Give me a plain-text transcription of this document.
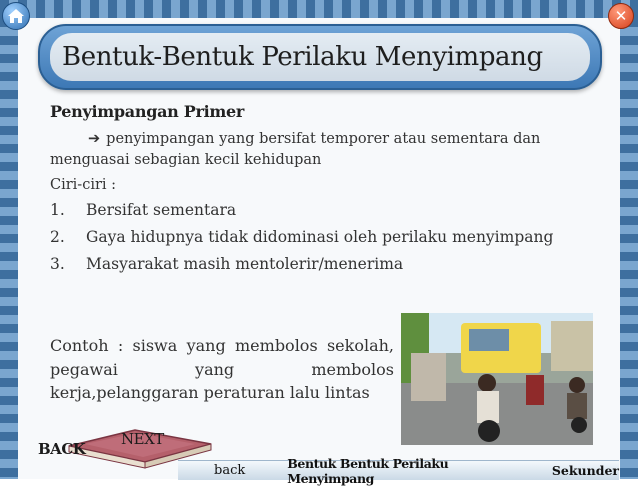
✕
Bentuk-Bentuk Perilaku Menyimpang
Penyimpangan Primer
➔ penyimpangan yang bersifat temporer atau sementara dan menguasai sebagian kecil kehidupan
Ciri-ciri :
1.	Bersifat sementara
2.	Gaya hidupnya tidak didominasi oleh perilaku menyimpang
3.	Masyarakat masih mentolerir/menerima
Contoh : siswa yang membolos sekolah, pegawai yang membolos kerja,pelanggaran peraturan lalu lintas
BACK
NEXT
back	Bentuk Bentuk Perilaku Menyimpang	Sekunder
